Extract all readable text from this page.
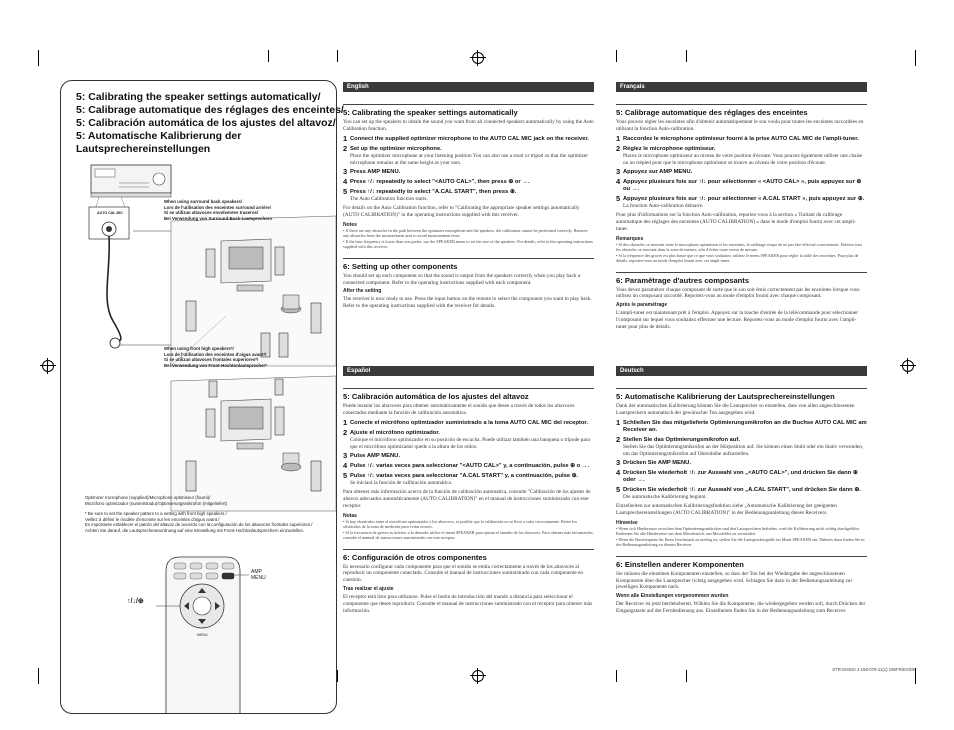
5: Calibrating the speaker settings automatically/
5: Calibrage automatique des réglages des enceintes/
5: Calibración automática de los ajustes del altavoz/
5: Automatische Kalibrierung der
Lautsprechereinstellungen
When using surround back speakers/
Lors de l'utilisation des enceintes surround arrière/
Si se utilizan altavoces envolventes traseros/
Bei Verwendung von Surround-Back-Lautsprechern
When using front high speakers*/
Lors de l'utilisation des enceintes d'aigus avant*/
Si se utilizan altavoces frontales superiores*/
Bei Verwendung von Front-Hochtonlautsprecher*
AUTO CAL MIC
Optimizer microphone (supplied)/Microphone optimiseur (fourni)/
Micrófono optimizador (suministrado)/Optimierungsmikrofon (mitgeliefert)
* Be sure to set the speaker pattern to a setting with front high speakers./
Veillez à définir le modèle d'enceinte sur les enceintes d'aigus avant./
Es importante establecer el patrón del altavoz de acuerdo con la configuración de los altavoces frontales superiores./
Achten Sie darauf, die Lautsprecheranordnung auf eine Einstellung mit Front-Hochtonlautsprechern einzustellen.
AMP
MENU
↑/↓/⊕
MENU
English
5: Calibrating the speaker settings automatically
You can set up the speakers to obtain the sound you want from all connected speakers automatically by using the Auto Calibration function.
1 Connect the supplied optimizer microphone to the AUTO CAL MIC jack on the receiver.
2 Set up the optimizer microphone.
Place the optimizer microphone at your listening position You can also use a stool or tripod so that the optimizer microphone remains at the same height as your ears.
3 Press AMP MENU.
4 Press ↑/↓ repeatedly to select "<AUTO CAL>", then press ⊕ or →.
5 Press ↑/↓ repeatedly to select "A.CAL START", then press ⊕.
The Auto Calibration function starts.
For details on the Auto Calibration function, refer to "Calibrating the appropriate speaker settings automatically (AUTO CALIBRATION)" in the operating instructions supplied with this receiver.
Notes
• If there are any obstacles in the path between the optimizer microphone and the speakers, the calibration cannot be performed correctly. Remove any obstacles from the measurement area to avoid measurement error.
• If the bass frequency is lower than you prefer, use the SPEAKER menu to set the size of the speakers. For details, refer to the operating instructions supplied with this receiver.
6: Setting up other components
You should set up each component so that the sound is output from the speakers correctly when you play back a connected component. Refer to the operating instructions supplied with each component.
After the setting
The receiver is now ready to use. Press the input button on the remote to select the component you want to play back. Refer to the operating instructions supplied with the receiver for details.
Français
5: Calibrage automatique des réglages des enceintes
Vous pouvez régler les enceintes afin d'obtenir automatiquement le son voulu pour toutes les enceintes raccordées en utilisant la fonction Auto-calibration.
1 Raccordez le microphone optimiseur fourni à la prise AUTO CAL MIC de l'ampli-tuner.
2 Réglez le microphone optimiseur.
Placez le microphone optimiseur au niveau de votre position d'écoute. Vous pouvez également utiliser une chaise ou un trépied pour que le microphone optimiseur se trouve au niveau de votre position d'écoute.
3 Appuyez sur AMP MENU.
4 Appuyez plusieurs fois sur ↑/↓ pour sélectionner « <AUTO CAL> », puis appuyez sur ⊕ ou →.
5 Appuyez plusieurs fois sur ↑/↓ pour sélectionner « A.CAL START », puis appuyez sur ⊕.
La fonction Auto-calibration démarre.
Pour plus d'informations sur la fonction Auto-calibration, reportez-vous à la section « Traitant du calibrage automatique des réglages des enceintes (AUTO CALIBRATION) » dans le mode d'emploi fourni avec cet ampli-tuner.
Remarques
• Si des obstacles se trouvent entre le microphone optimiseur et les enceintes, le calibrage risque de ne pas être effectué correctement. Enlevez tous les obstacles se trouvant dans la zone de mesure, afin d'éviter toute erreur de mesure.
• Si la fréquence des graves est plus basse que ce que vous souhaitez, utilisez le menu SPEAKER pour régler la taille des enceintes. Pour plus de détails, reportez-vous au mode d'emploi fourni avec cet ampli-tuner.
6: Paramétrage d'autres composants
Vous devez paramétrer chaque composant de sorte que le son soit émis correctement par les enceintes lorsque vous utilisez un composant raccordé. Reportez-vous au mode d'emploi fourni avec chaque composant.
Après le paramétrage
L'ampli-tuner est maintenant prêt à l'emploi. Appuyez sur la touche d'entrée de la télécommande pour sélectionner l'composant sur lequel vous souhaitez effectuer une lecture. Reportez-vous au mode d'emploi fourni avec l'ampli-tuner pour plus de détails.
Español
5: Calibración automática de los ajustes del altavoz
Puede instalar los altavoces para obtener automáticamente el sonido que desee a través de todos los altavoces conectados mediante la función de calibración automática.
1 Conecte el micrófono optimizador suministrado a la toma AUTO CAL MIC del receptor.
2 Ajuste el micrófono optimizador.
Coloque el micrófono optimizador en su posición de escucha. Puede utilizar también una banqueta o trípode para que el micrófono optimizador quede a la altura de los oídos.
3 Pulse AMP MENU.
4 Pulse ↑/↓ varias veces para seleccionar "<AUTO CAL>" y, a continuación, pulse ⊕ o →.
5 Pulse ↑/↓ varias veces para seleccionar "A.CAL START" y, a continuación, pulse ⊕.
Se iniciará la función de calibración automática.
Para obtener más información acerca de la función de calibración automática, consulte "Calibración de los ajustes de altavoz adecuados automáticamente (AUTO CALIBRATION)" en el manual de instrucciones suministrado con este receptor.
Notas
• Si hay obstáculos entre el micrófono optimizador y los altavoces, es posible que la calibración no se lleve a cabo correctamente. Retire los obstáculos de la zona de medición para evitar errores.
• Si la frecuencia de graves es inferior a la deseada, utilice el menú SPEAKER para ajustar el tamaño de los altavoces. Para obtener más información, consulte el manual de instrucciones suministrado con este receptor.
6: Configuración de otros componentes
Es necesario configurar cada componente para que el sonido se emita correctamente a través de los altavoces al reproducir un componente conectado. Consulte el manual de instrucciones suministrado con cada componente en cuestión.
Tras realizar el ajuste
El receptor está listo para utilizarse. Pulse el botón de introducción del mando a distancia para seleccionar el componente que desee reproducir. Consulte el manual de instrucciones suministrado con el receptor para obtener más información.
Deutsch
5: Automatische Kalibrierung der Lautsprechereinstellungen
Dank der automatischen Kalibrierung können Sie die Lautsprecher so einstellen, dass von allen angeschlossenen Lautsprechern automatisch der gewünschte Ton ausgegeben wird.
1 Schließen Sie das mitgelieferte Optimierungsmikrofon an die Buchse AUTO CAL MIC am Receiver an.
2 Stellen Sie das Optimierungsmikrofon auf.
Stellen Sie das Optimierungsmikrofon an der Hörposition auf. Sie können einen Stuhl oder ein Stativ verwenden, um das Optimierungsmikrofon auf Ohrenhöhe aufzustellen.
3 Drücken Sie AMP MENU.
4 Drücken Sie wiederholt ↑/↓ zur Auswahl von „<AUTO CAL>", und drücken Sie dann ⊕ oder →.
5 Drücken Sie wiederholt ↑/↓ zur Auswahl von „A.CAL START", und drücken Sie dann ⊕.
Die automatische Kalibrierung beginnt.
Einzelheiten zur automatischen Kalibrierungsfunktion siehe „Automatische Kalibrierung der geeigneten Lautsprechereinstellungen (AUTO CALIBRATION)" in der Bedienungsanleitung dieses Receivers.
Hinweise
• Wenn sich Hindernisse zwischen dem Optimierungsmikrofon und den Lautsprechern befinden, wird die Kalibrierung nicht richtig durchgeführt. Entfernen Sie alle Hindernisse aus dem Messbereich, um Messfehler zu vermeiden.
• Wenn die Bassfrequenz für Ihren Geschmack zu niedrig ist, stellen Sie die Lautsprechergröße im Menü SPEAKER ein. Näheres dazu finden Sie in der Bedienungsanleitung zu diesem Receiver.
6: Einstellen anderer Komponenten
Sie müssen die einzelnen Komponenten einstellen, so dass der Ton bei der Wiedergabe der angeschlossenen Komponente über die Lautsprecher richtig ausgegeben wird. Schlagen Sie dazu in der Bedienungsanleitung zur jeweiligen Komponente nach.
Wenn alle Einstellungen vorgenommen wurden
Der Receiver ist jetzt betriebsbereit. Wählen Sie die Komponente, die wiedergegeben werden soll, durch Drücken der Eingangstaste auf der Fernbedienung aus. Einzelheiten finden Sie in der Bedienungsanleitung zum Receiver.
STR-DH810 4-168-079-11(1) GB/FR/ES/DE
